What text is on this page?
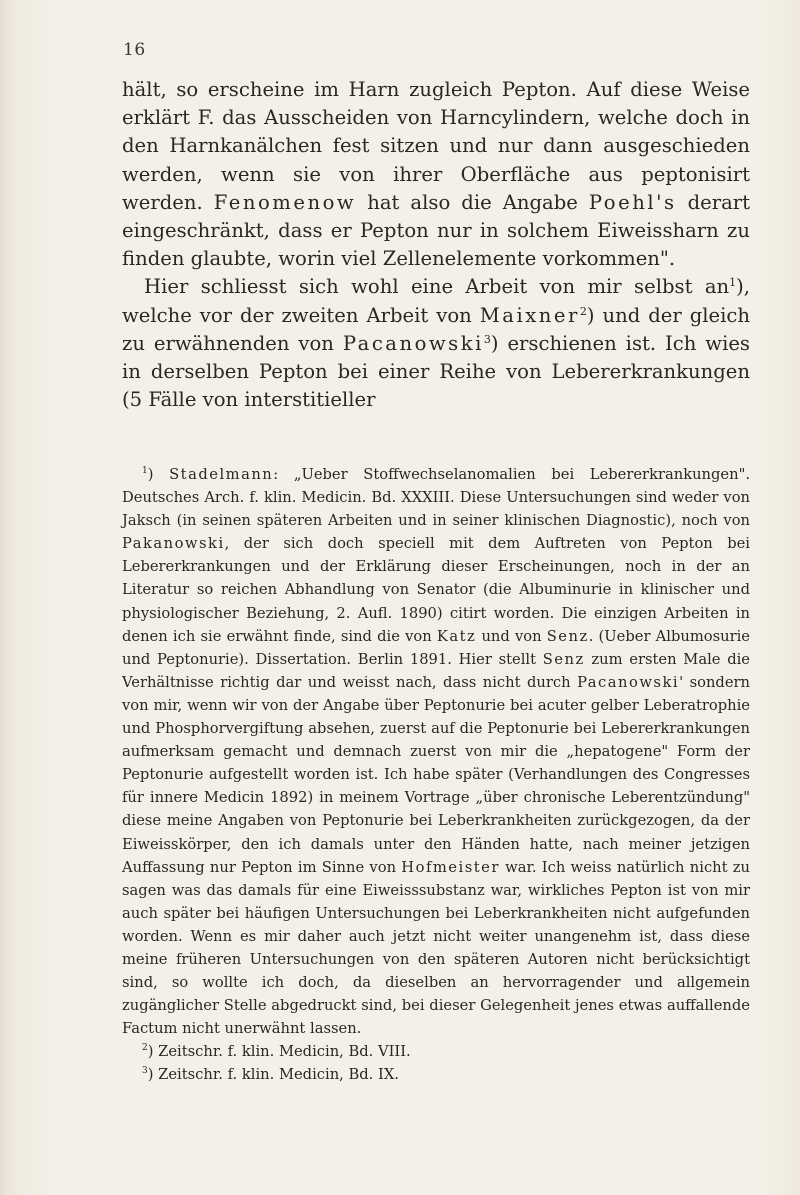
16

hält, so erscheine im Harn zugleich Pepton. Auf diese Weise erklärt F. das Ausscheiden von Harncylindern, welche doch in den Harnkanälchen fest sitzen und nur dann ausgeschieden werden, wenn sie von ihrer Oberfläche aus peptonisirt werden. Fenomenow hat also die Angabe Poehl's derart eingeschränkt, dass er Pepton nur in solchem Eiweissharn zu finden glaubte, worin viel Zellenelemente vorkommen".

Hier schliesst sich wohl eine Arbeit von mir selbst $an^1$), welche vor der zweiten Arbeit von Maixner$^2$) und der gleich zu erwähnenden von Pacanowski$^3$) erschienen ist. Ich wies in derselben Pepton bei einer Reihe von Lebererkrankungen (5 Fälle von interstitieller

$^1$) Stadelmann: „Ueber Stoffwechselanomalien bei Lebererkrankungen". Deutsches Arch. f. klin. Medicin. Bd. XXXIII. Diese Untersuchungen sind weder von Jaksch (in seinen späteren Arbeiten und in seiner klinischen Diagnostic), noch von Pakanowski, der sich doch speciell mit dem Auftreten von Pepton bei Lebererkrankungen und der Erklärung dieser Erscheinungen, noch in der an Literatur so reichen Abhandlung von Senator (die Albuminurie in klinischer und physiologischer Beziehung, 2. Aufl. 1890) citirt worden. Die einzigen Arbeiten in denen ich sie erwähnt finde, sind die von Katz und von Senz. (Ueber Albumosurie und Peptonurie). Dissertation. Berlin 1891. Hier stellt Senz zum ersten Male die Verhältnisse richtig dar und weisst nach, dass nicht durch Pacanowski' sondern von mir, wenn wir von der Angabe über Peptonurie bei acuter gelber Leberatrophie und Phosphorvergiftung absehen, zuerst auf die Peptonurie bei Lebererkrankungen aufmerksam gemacht und demnach zuerst von mir die „hepatogene" Form der Peptonurie aufgestellt worden ist. Ich habe später (Verhandlungen des Congresses für innere Medicin 1892) in meinem Vortrage „über chronische Leberentzündung" diese meine Angaben von Peptonurie bei Leberkrankheiten zurückgezogen, da der Eiweisskörper, den ich damals unter den Händen hatte, nach meiner jetzigen Auffassung nur Pepton im Sinne von Hofmeister war. Ich weiss natürlich nicht zu sagen was das damals für eine Eiweisssubstanz war, wirkliches Pepton ist von mir auch später bei häufigen Untersuchungen bei Leberkrankheiten nicht aufgefunden worden. Wenn es mir daher auch jetzt nicht weiter unangenehm ist, dass diese meine früheren Untersuchungen von den späteren Autoren nicht berücksichtigt sind, so wollte ich doch, da dieselben an hervorragender und allgemein zugänglicher Stelle abgedruckt sind, bei dieser Gelegenheit jenes etwas auffallende Factum nicht unerwähnt lassen.

$^2$) Zeitschr. f. klin. Medicin, Bd. VIII.

$^3$) Zeitschr. f. klin. Medicin, Bd. IX.
